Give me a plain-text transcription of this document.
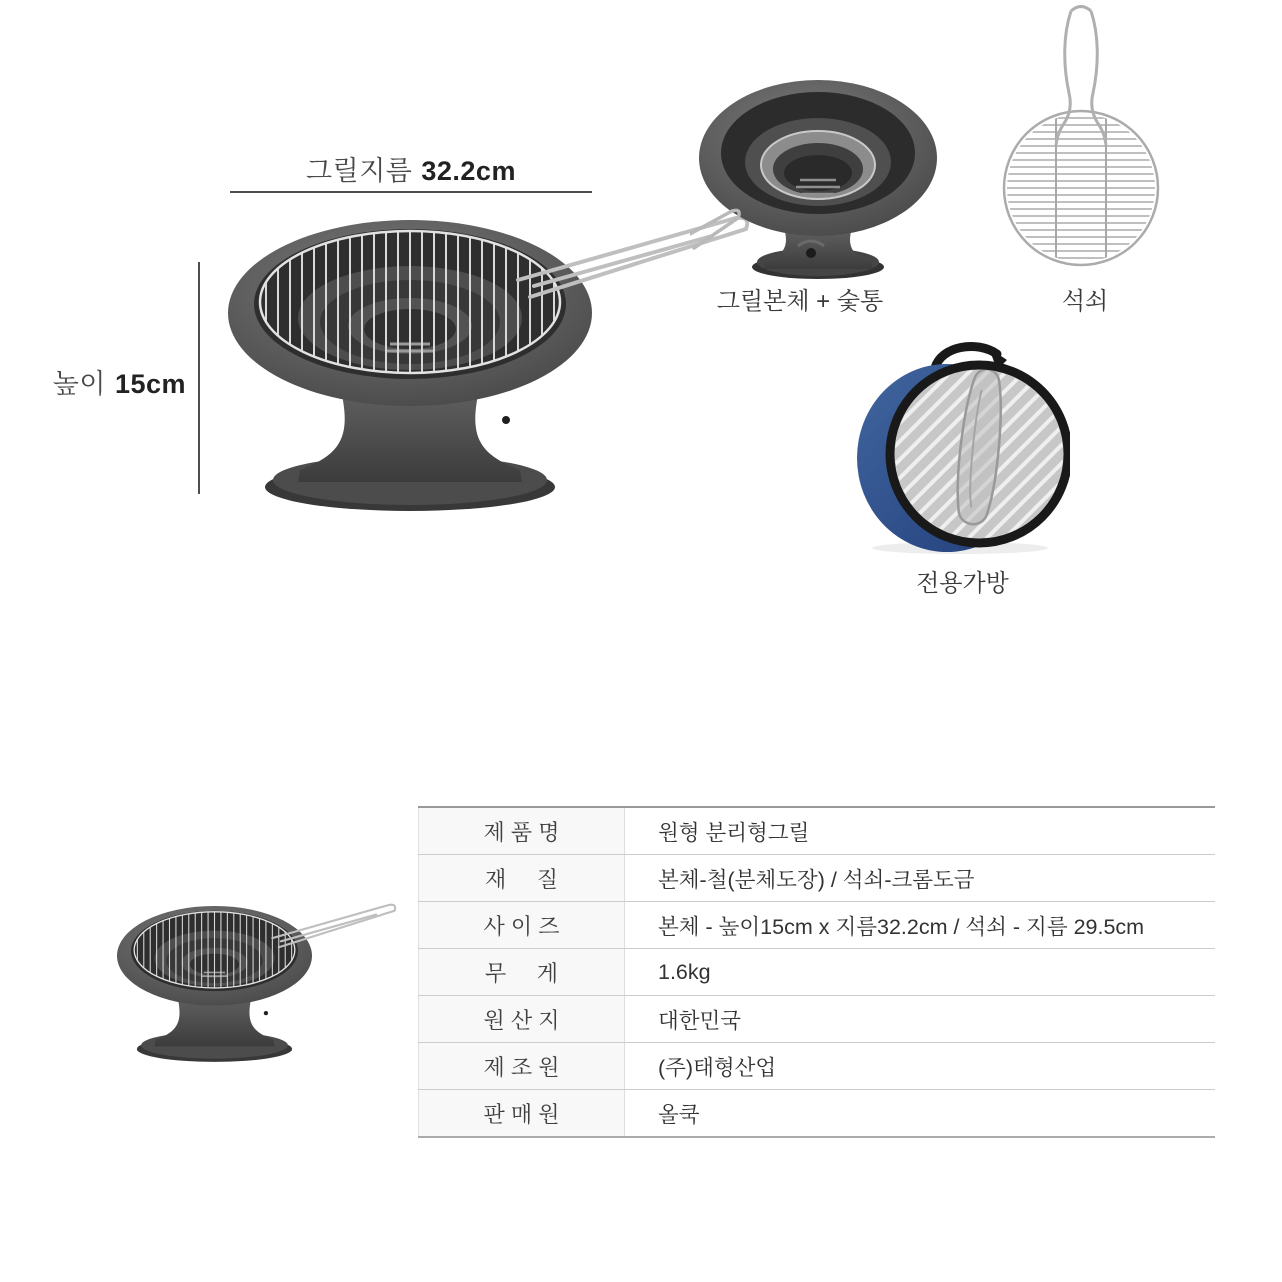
그릴지름 32.2cm
높이 15cm
그릴본체 + 숯통	석쇠
전용가방
제 품 명	원형 분리형그릴
재     질	본체-철(분체도장) / 석쇠-크롬도금
사 이 즈	본체 - 높이15cm x 지름32.2cm / 석쇠 - 지름 29.5cm
무     게	1.6kg
원 산 지	대한민국
제 조 원	(주)태형산업
판 매 원	올쿡
